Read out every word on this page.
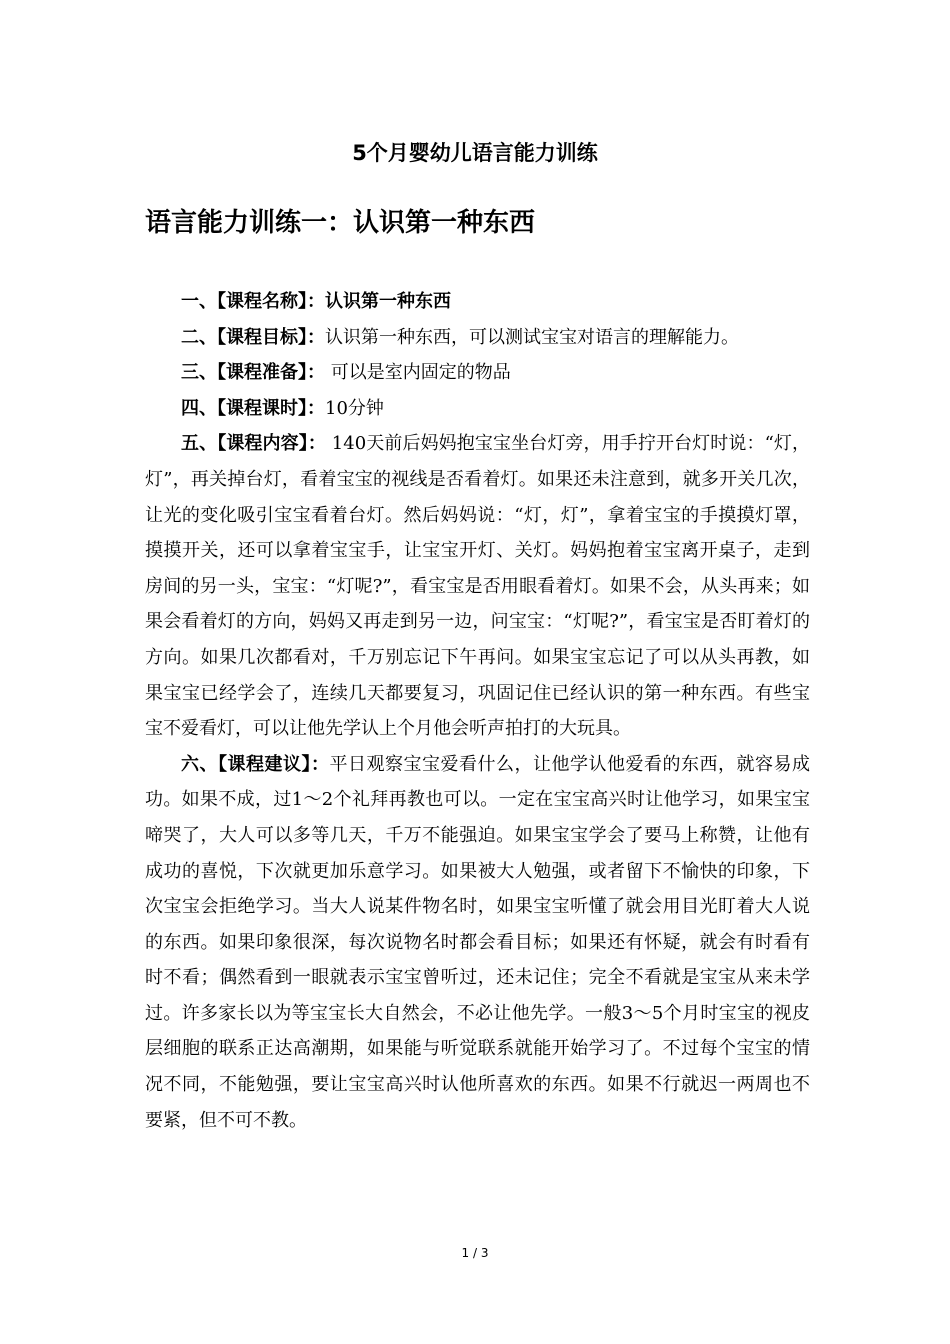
5个月婴幼儿语言能力训练
语言能力训练一：认识第一种东西

一、【课程名称】：认识第一种东西

二、【课程目标】：认识第一种东西，可以测试宝宝对语言的理解能力。

三、【课程准备】： 可以是室内固定的物品

四、【课程课时】：10分钟

五、【课程内容】： 140天前后妈妈抱宝宝坐台灯旁，用手拧开台灯时说：“灯，灯”，再关掉台灯，看着宝宝的视线是否看着灯。如果还未注意到，就多开关几次，让光的变化吸引宝宝看着台灯。然后妈妈说：“灯，灯”，拿着宝宝的手摸摸灯罩，摸摸开关，还可以拿着宝宝手，让宝宝开灯、关灯。妈妈抱着宝宝离开桌子，走到房间的另一头，宝宝：“灯呢?”，看宝宝是否用眼看着灯。如果不会，从头再来；如果会看着灯的方向，妈妈又再走到另一边，问宝宝：“灯呢?”，看宝宝是否盯着灯的方向。如果几次都看对，千万别忘记下午再问。如果宝宝忘记了可以从头再教，如果宝宝已经学会了，连续几天都要复习，巩固记住已经认识的第一种东西。有些宝宝不爱看灯，可以让他先学认上个月他会听声拍打的大玩具。

六、【课程建议】：平日观察宝宝爱看什么，让他学认他爱看的东西，就容易成功。如果不成，过1～2个礼拜再教也可以。一定在宝宝高兴时让他学习，如果宝宝啼哭了，大人可以多等几天，千万不能强迫。如果宝宝学会了要马上称赞，让他有成功的喜悦，下次就更加乐意学习。如果被大人勉强，或者留下不愉快的印象，下次宝宝会拒绝学习。当大人说某件物名时，如果宝宝听懂了就会用目光盯着大人说的东西。如果印象很深，每次说物名时都会看目标；如果还有怀疑，就会有时看有时不看；偶然看到一眼就表示宝宝曾听过，还未记住；完全不看就是宝宝从来未学过。许多家长以为等宝宝长大自然会，不必让他先学。一般3～5个月时宝宝的视皮层细胞的联系正达高潮期，如果能与听觉联系就能开始学习了。不过每个宝宝的情况不同，不能勉强，要让宝宝高兴时认他所喜欢的东西。如果不行就迟一两周也不要紧，但不可不教。

1 / 3
